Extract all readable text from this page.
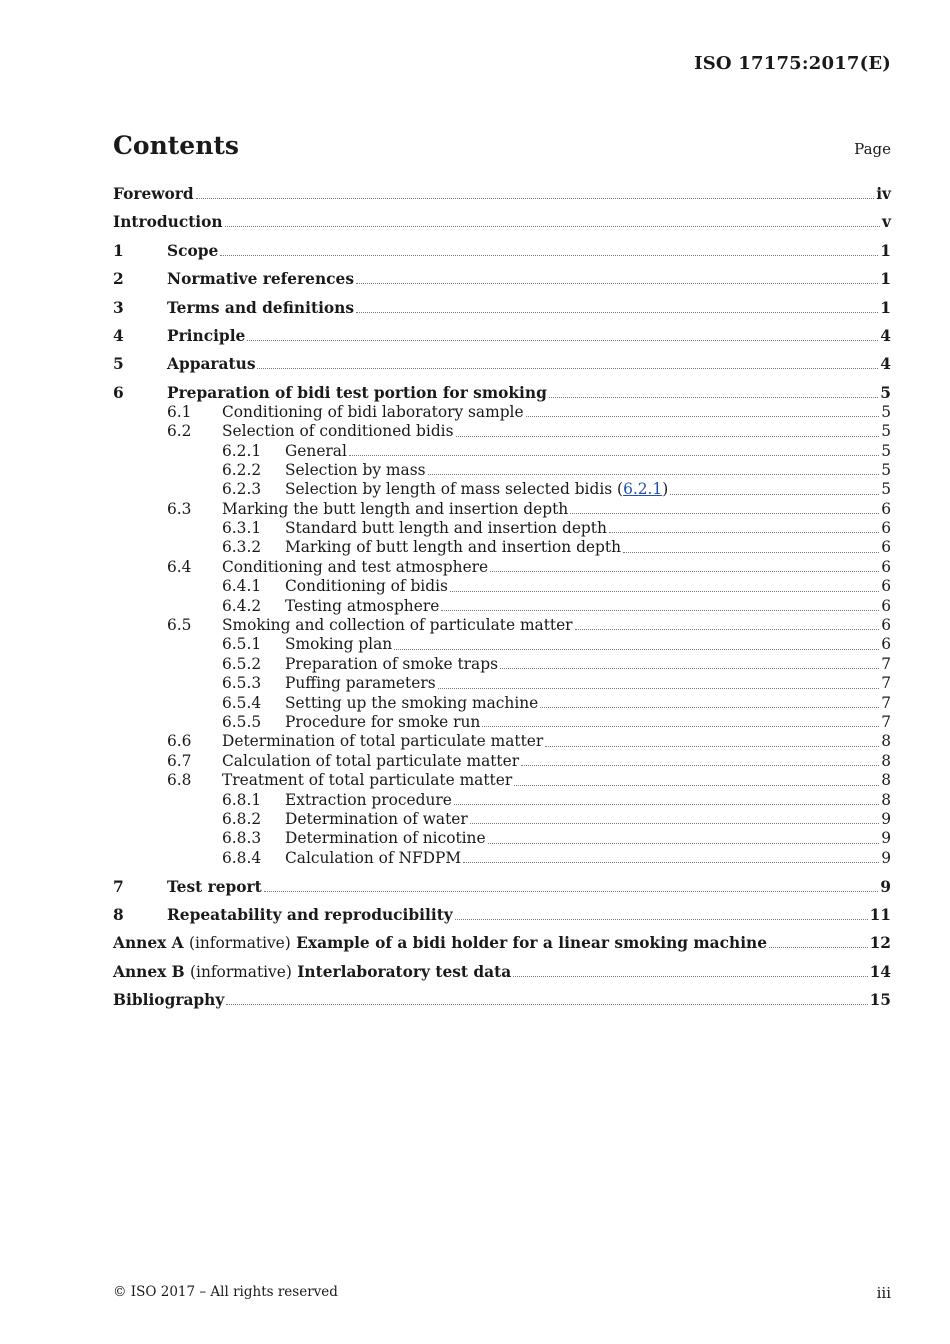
ISO 17175:2017(E)
Contents	Page
Foreword	iv
Introduction	v
1	Scope	1
2	Normative references	1
3	Terms and definitions	1
4	Principle	4
5	Apparatus	4
6	Preparation of bidi test portion for smoking	5
6.1	Conditioning of bidi laboratory sample	5
6.2	Selection of conditioned bidis	5
6.2.1	General	5
6.2.2	Selection by mass	5
6.2.3	Selection by length of mass selected bidis (6.2.1)	5
6.3	Marking the butt length and insertion depth	6
6.3.1	Standard butt length and insertion depth	6
6.3.2	Marking of butt length and insertion depth	6
6.4	Conditioning and test atmosphere	6
6.4.1	Conditioning of bidis	6
6.4.2	Testing atmosphere	6
6.5	Smoking and collection of particulate matter	6
6.5.1	Smoking plan	6
6.5.2	Preparation of smoke traps	7
6.5.3	Puffing parameters	7
6.5.4	Setting up the smoking machine	7
6.5.5	Procedure for smoke run	7
6.6	Determination of total particulate matter	8
6.7	Calculation of total particulate matter	8
6.8	Treatment of total particulate matter	8
6.8.1	Extraction procedure	8
6.8.2	Determination of water	9
6.8.3	Determination of nicotine	9
6.8.4	Calculation of NFDPM	9
7	Test report	9
8	Repeatability and reproducibility	11
Annex A (informative) Example of a bidi holder for a linear smoking machine	12
Annex B (informative) Interlaboratory test data	14
Bibliography	15
© ISO 2017 – All rights reserved	iii
